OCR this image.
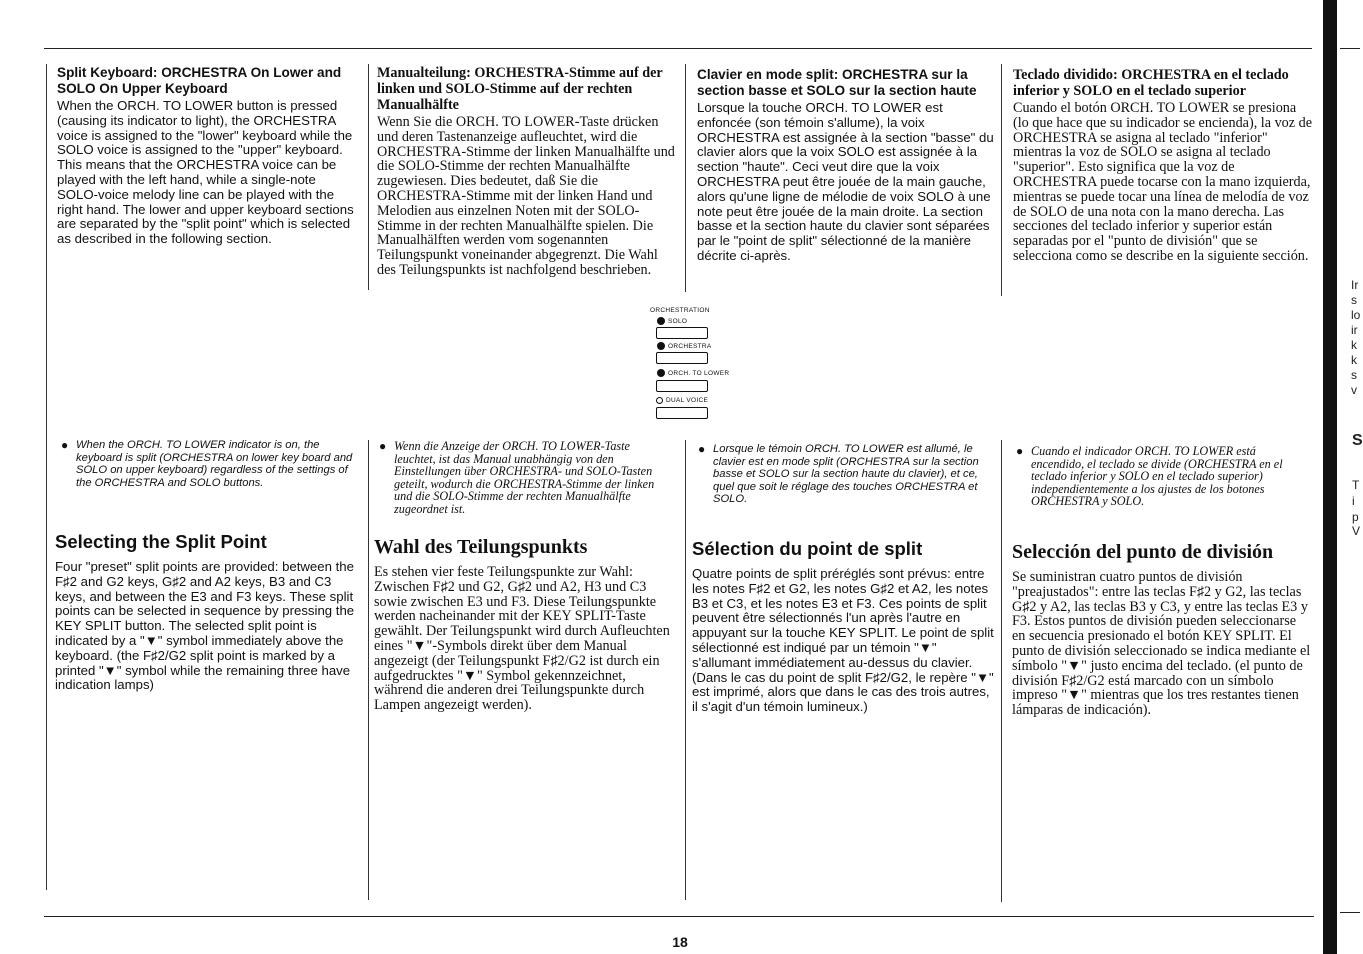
Split Keyboard: ORCHESTRA On Lower and SOLO On Upper Keyboard

When the ORCH. TO LOWER button is pressed (causing its indicator to light), the ORCHESTRA voice is assigned to the "lower" keyboard while the SOLO voice is assigned to the "upper" keyboard. This means that the ORCHESTRA voice can be played with the left hand, while a single-note SOLO-voice melody line can be played with the right hand. The lower and upper keyboard sections are separated by the "split point" which is selected as described in the following section.

● When the ORCH. TO LOWER indicator is on, the keyboard is split (ORCHESTRA on lower key board and SOLO on upper keyboard) regardless of the settings of the ORCHESTRA and SOLO buttons.
Selecting the Split Point

Four "preset" split points are provided: between the F♯2 and G2 keys, G♯2 and A2 keys, B3 and C3 keys, and between the E3 and F3 keys. These split points can be selected in sequence by pressing the KEY SPLIT button. The selected split point is indicated by a "▼" symbol immediately above the keyboard. (the F♯2/G2 split point is marked by a printed "▼" symbol while the remaining three have indication lamps)

Manualteilung: ORCHESTRA-Stimme auf der linken und SOLO-Stimme auf der rechten Manualhälfte

Wenn Sie die ORCH. TO LOWER-Taste drücken und deren Tastenanzeige aufleuchtet, wird die ORCHESTRA-Stimme der linken Manualhälfte und die SOLO-Stimme der rechten Manualhälfte zugewiesen. Dies bedeutet, daß Sie die ORCHESTRA-Stimme mit der linken Hand und Melodien aus einzelnen Noten mit der SOLO-Stimme in der rechten Manualhälfte spielen. Die Manualhälften werden vom sogenannten Teilungspunkt voneinander abgegrenzt. Die Wahl des Teilungspunkts ist nachfolgend beschrieben.

● Wenn die Anzeige der ORCH. TO LOWER-Taste leuchtet, ist das Manual unabhängig von den Einstellungen über ORCHESTRA- und SOLO-Tasten geteilt, wodurch die ORCHESTRA-Stimme der linken und die SOLO-Stimme der rechten Manualhälfte zugeordnet ist.
Wahl des Teilungspunkts

Es stehen vier feste Teilungspunkte zur Wahl: Zwischen F♯2 und G2, G♯2 und A2, H3 und C3 sowie zwischen E3 und F3. Diese Teilungspunkte werden nacheinander mit der KEY SPLIT-Taste gewählt. Der Teilungspunkt wird durch Aufleuchten eines "▼"-Symbols direkt über dem Manual angezeigt (der Teilungspunkt F♯2/G2 ist durch ein aufgedrucktes "▼" Symbol gekennzeichnet, während die anderen drei Teilungspunkte durch Lampen angezeigt werden).

Clavier en mode split: ORCHESTRA sur la section basse et SOLO sur la section haute

Lorsque la touche ORCH. TO LOWER est enfoncée (son témoin s'allume), la voix ORCHESTRA est assignée à la section "basse" du clavier alors que la voix SOLO est assignée à la section "haute". Ceci veut dire que la voix ORCHESTRA peut être jouée de la main gauche, alors qu'une ligne de mélodie de voix SOLO à une note peut être jouée de la main droite. La section basse et la section haute du clavier sont séparées par le "point de split" sélectionné de la manière décrite ci-après.

● Lorsque le témoin ORCH. TO LOWER est allumé, le clavier est en mode split (ORCHESTRA sur la section basse et SOLO sur la section haute du clavier), et ce, quel que soit le réglage des touches ORCHESTRA et SOLO.
Sélection du point de split

Quatre points de split préréglés sont prévus: entre les notes F♯2 et G2, les notes G♯2 et A2, les notes B3 et C3, et les notes E3 et F3. Ces points de split peuvent être sélectionnés l'un après l'autre en appuyant sur la touche KEY SPLIT. Le point de split sélectionné est indiqué par un témoin "▼" s'allumant immédiatement au-dessus du clavier. (Dans le cas du point de split F♯2/G2, le repère "▼" est imprimé, alors que dans le cas des trois autres, il s'agit d'un témoin lumineux.)

Teclado dividido: ORCHESTRA en el teclado inferior y SOLO en el teclado superior

Cuando el botón ORCH. TO LOWER se presiona (lo que hace que su indicador se encienda), la voz de ORCHESTRA se asigna al teclado "inferior" mientras la voz de SOLO se asigna al teclado "superior". Esto significa que la voz de ORCHESTRA puede tocarse con la mano izquierda, mientras se puede tocar una línea de melodía de voz de SOLO de una nota con la mano derecha. Las secciones del teclado inferior y superior están separadas por el "punto de división" que se selecciona como se describe en la siguiente sección.

● Cuando el indicador ORCH. TO LOWER está encendido, el teclado se divide (ORCHESTRA en el teclado inferior y SOLO en el teclado superior) independientemente a los ajustes de los botones ORCHESTRA y SOLO.
Selección del punto de división

Se suministran cuatro puntos de división "preajustados": entre las teclas F♯2 y G2, las teclas G♯2 y A2, las teclas B3 y C3, y entre las teclas E3 y F3. Estos puntos de división pueden seleccionarse en secuencia presionado el botón KEY SPLIT. El punto de división seleccionado se indica mediante el símbolo "▼" justo encima del teclado. (el punto de división F♯2/G2 está marcado con un símbolo impreso "▼" mientras que los tres restantes tienen lámparas de indicación).

ORCHESTRATION
SOLO
ORCHESTRA
ORCH. TO LOWER
DUAL VOICE
18
Ir
s
lo
ir
k
k
s
v
S
T
i
p
V
